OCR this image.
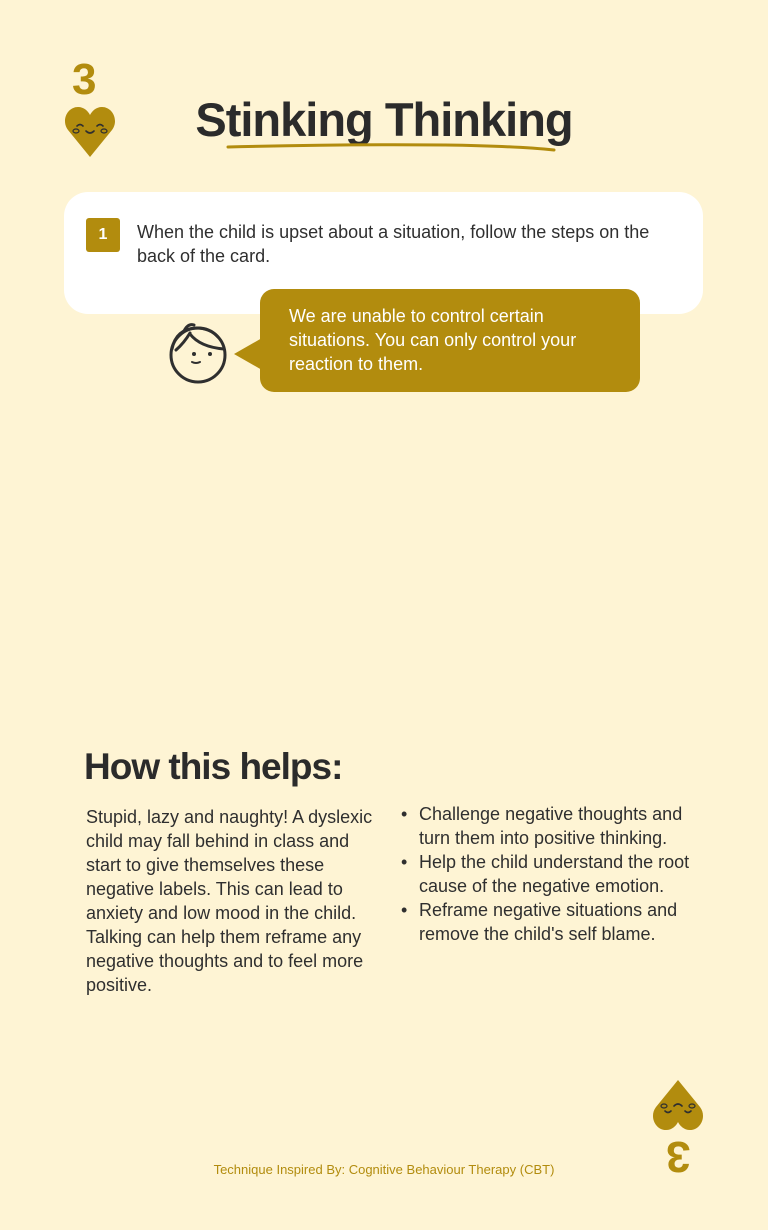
3
Stinking Thinking
1	When the child is upset about a situation, follow the steps on the back of the card.

We are unable to control certain situations. You can only control your reaction to them.

How this helps:

Stupid, lazy and naughty! A dyslexic child may fall behind in class and start to give themselves these negative labels. This can lead to anxiety and low mood in the child. Talking can help them reframe any negative thoughts and to feel more positive.

• Challenge negative thoughts and turn them into positive thinking.
• Help the child understand the root cause of the negative emotion.
• Reframe negative situations and remove the child's self blame.
3

Technique Inspired By: Cognitive Behaviour Therapy (CBT)
